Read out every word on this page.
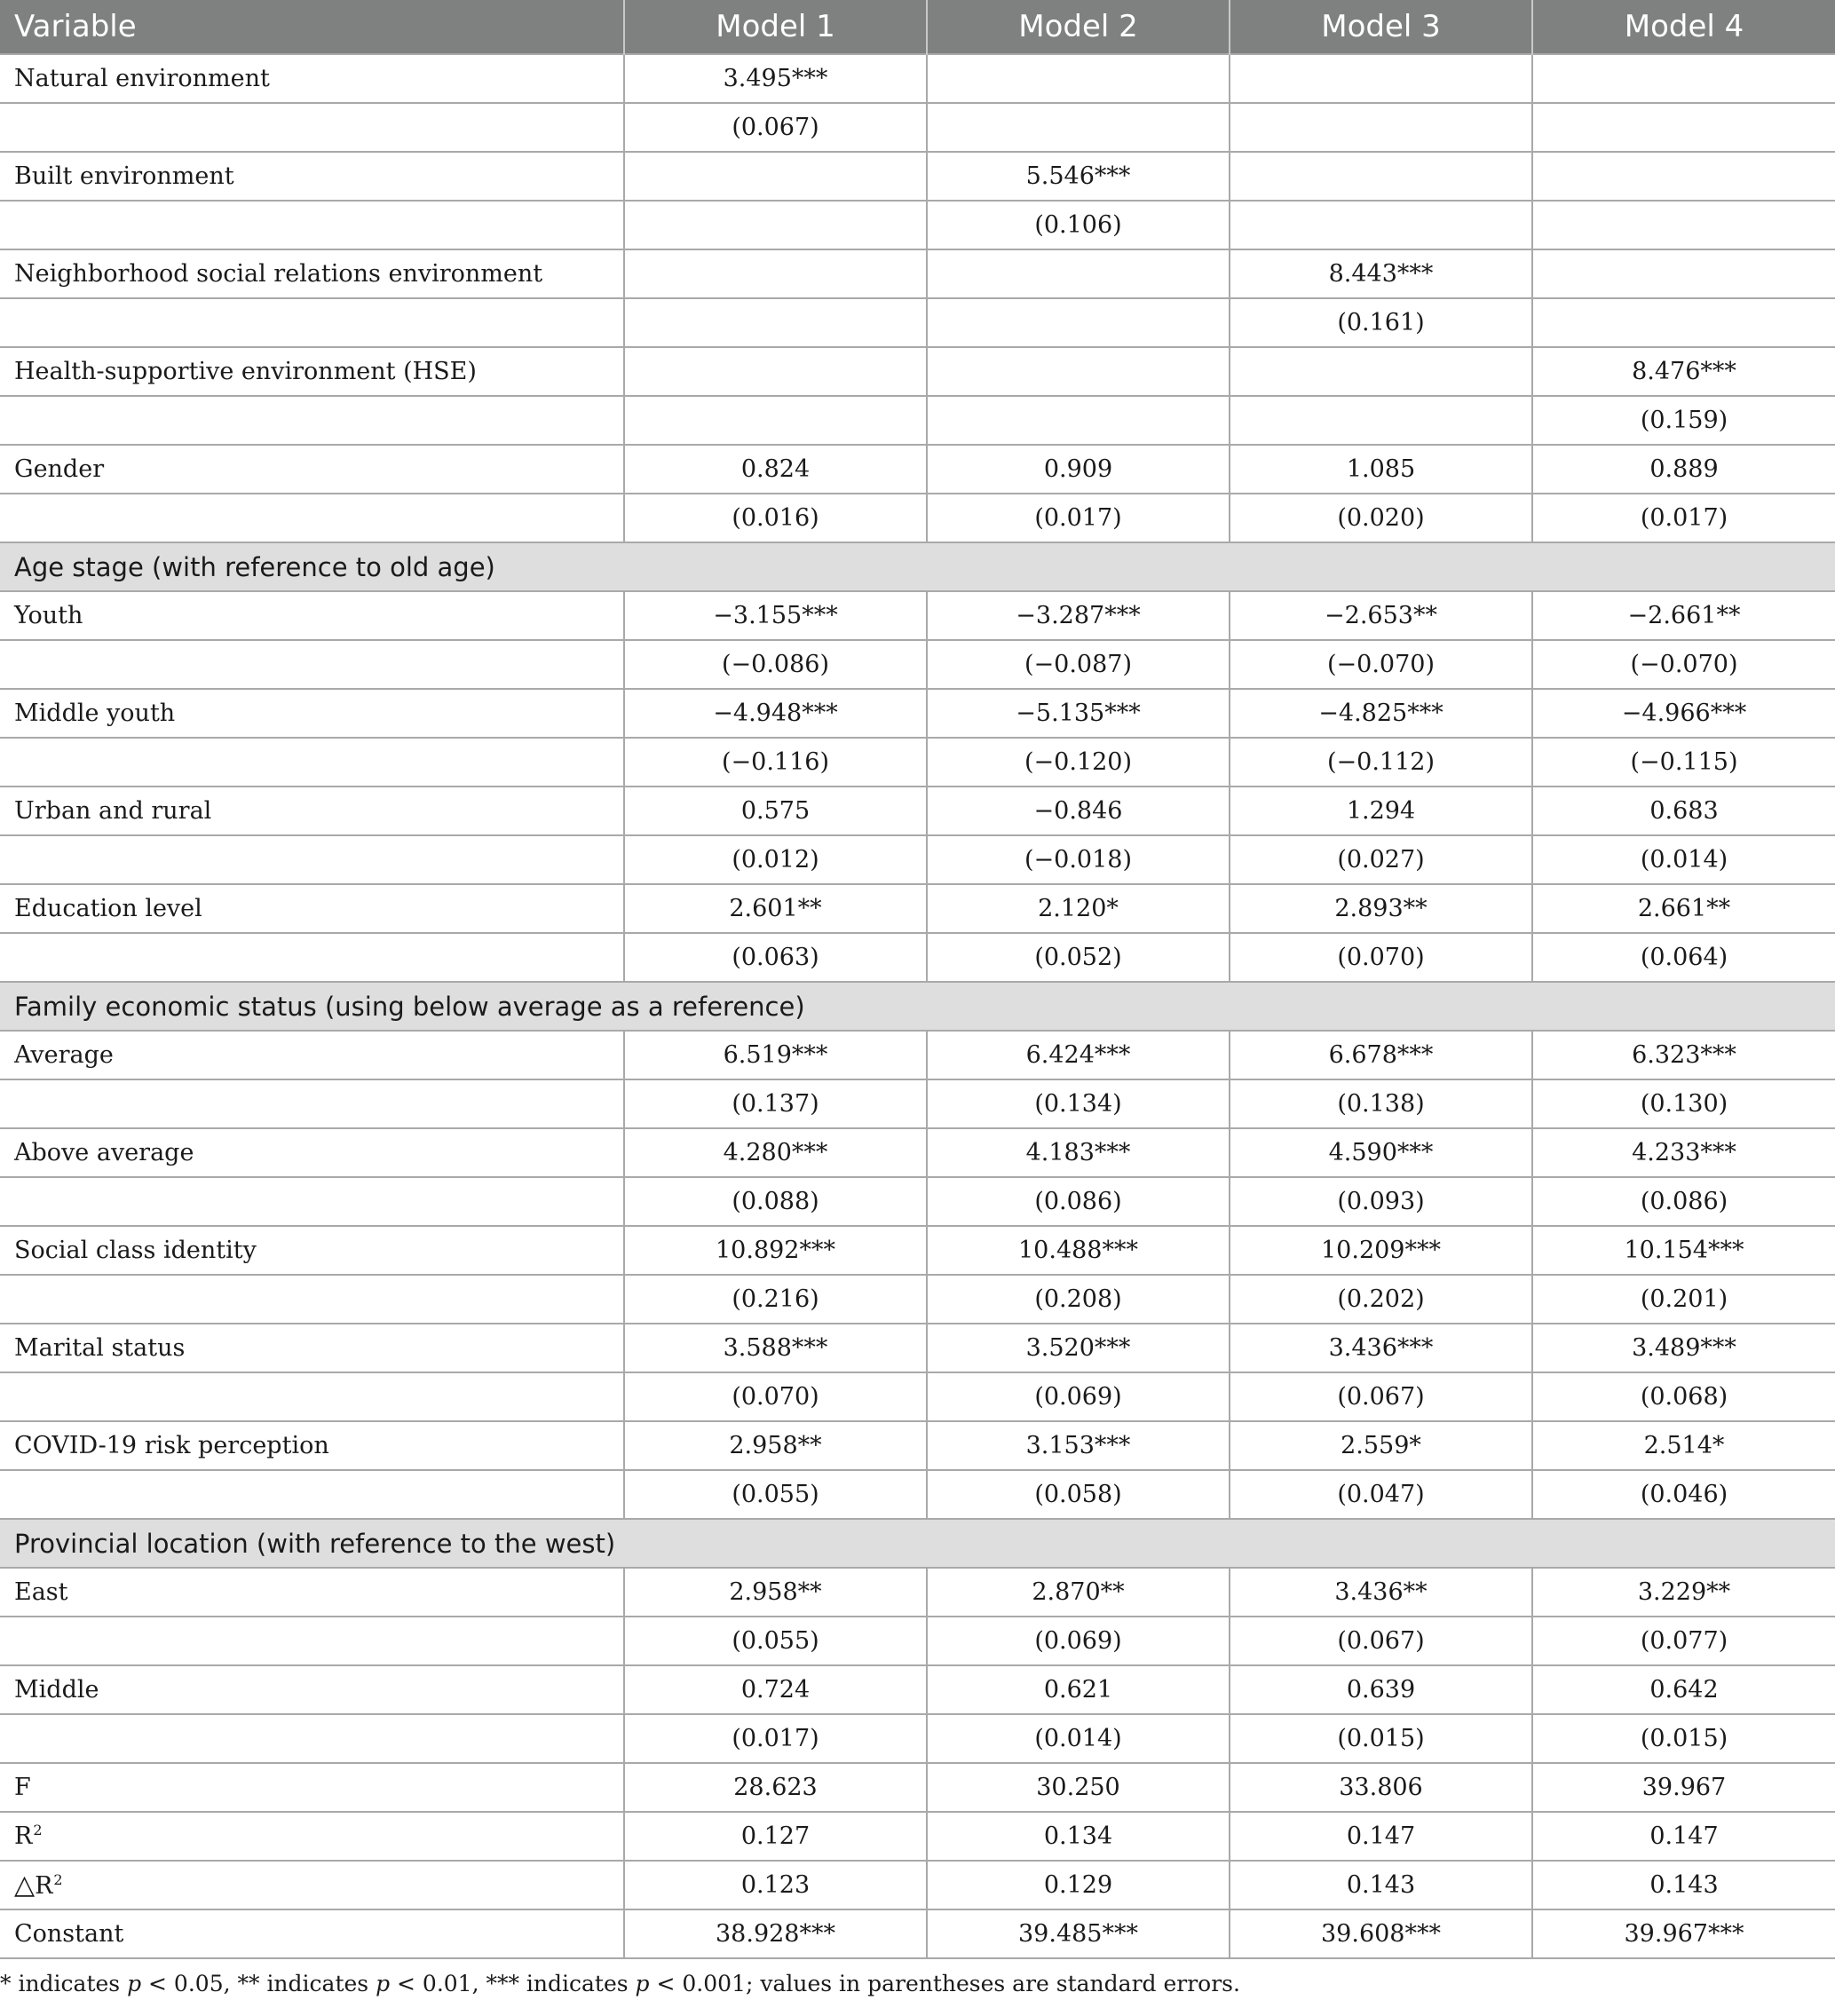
Variable	Model 1	Model 2	Model 3	Model 4
Natural environment	3.495***			
	(0.067)			
Built environment		5.546***		
		(0.106)		
Neighborhood social relations environment			8.443***	
			(0.161)	
Health-supportive environment (HSE)				8.476***
				(0.159)
Gender	0.824	0.909	1.085	0.889
	(0.016)	(0.017)	(0.020)	(0.017)
Age stage (with reference to old age)				
Youth	−3.155***	−3.287***	−2.653**	−2.661**
	(−0.086)	(−0.087)	(−0.070)	(−0.070)
Middle youth	−4.948***	−5.135***	−4.825***	−4.966***
	(−0.116)	(−0.120)	(−0.112)	(−0.115)
Urban and rural	0.575	−0.846	1.294	0.683
	(0.012)	(−0.018)	(0.027)	(0.014)
Education level	2.601**	2.120*	2.893**	2.661**
	(0.063)	(0.052)	(0.070)	(0.064)
Family economic status (using below average as a reference)				
Average	6.519***	6.424***	6.678***	6.323***
	(0.137)	(0.134)	(0.138)	(0.130)
Above average	4.280***	4.183***	4.590***	4.233***
	(0.088)	(0.086)	(0.093)	(0.086)
Social class identity	10.892***	10.488***	10.209***	10.154***
	(0.216)	(0.208)	(0.202)	(0.201)
Marital status	3.588***	3.520***	3.436***	3.489***
	(0.070)	(0.069)	(0.067)	(0.068)
COVID-19 risk perception	2.958**	3.153***	2.559*	2.514*
	(0.055)	(0.058)	(0.047)	(0.046)
Provincial location (with reference to the west)				
East	2.958**	2.870**	3.436**	3.229**
	(0.055)	(0.069)	(0.067)	(0.077)
Middle	0.724	0.621	0.639	0.642
	(0.017)	(0.014)	(0.015)	(0.015)
F	28.623	30.250	33.806	39.967
$R^2$	0.127	0.134	0.147	0.147
$\triangle R^2$	0.123	0.129	0.143	0.143
Constant	38.928***	39.485***	39.608***	39.967***
* indicates p < 0.05, ** indicates p < 0.01, *** indicates p < 0.001; values in parentheses are standard errors.
